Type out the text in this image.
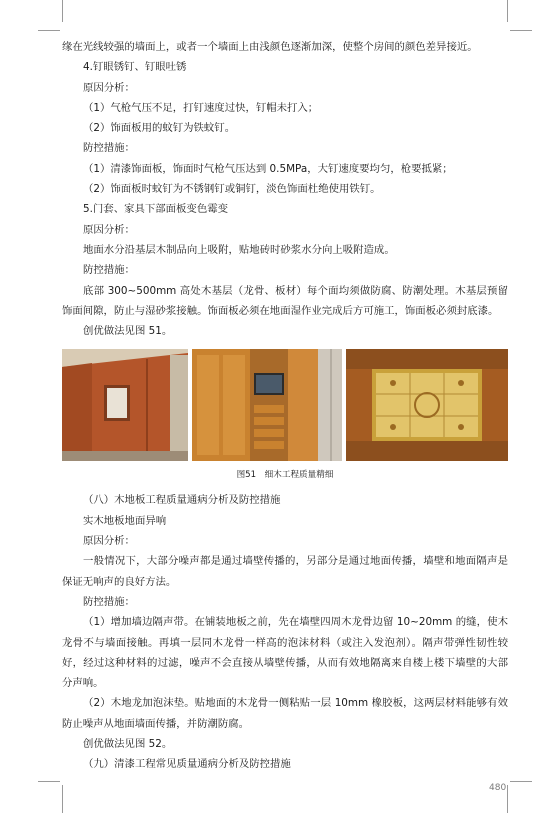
缘在光线较强的墙面上，或者一个墙面上由浅颜色逐渐加深，使整个房间的颜色差异接近。
4.钉眼锈钉、钉眼吐锈
原因分析：
（1）气枪气压不足，打钉速度过快，钉帽未打入；
（2）饰面板用的蚊钉为铁蚊钉。
防控措施：
（1）清漆饰面板，饰面时气枪气压达到 0.5MPa，大钉速度要均匀，枪要抵紧；
（2）饰面板时蚊钉为不锈钢钉或铜钉，淡色饰面杜绝使用铁钉。
5.门套、家具下部面板变色霉变
原因分析：
地面水分沿基层木制品向上吸附，贴地砖时砂浆水分向上吸附造成。
防控措施：
底部 300~500mm 高处木基层（龙骨、板材）每个面均须做防腐、防潮处理。木基层预留饰面间隙，防止与湿砂浆接触。饰面板必须在地面湿作业完成后方可施工，饰面板必须封底漆。
创优做法见图 51。
图51　细木工程质量精细
（八）木地板工程质量通病分析及防控措施
实木地板地面异响
原因分析：
一般情况下，大部分噪声都是通过墙壁传播的，另部分是通过地面传播，墙壁和地面隔声是保证无响声的良好方法。
防控措施：
（1）增加墙边隔声带。在铺装地板之前，先在墙壁四周木龙骨边留 10~20mm 的缝，使木龙骨不与墙面接触。再填一层同木龙骨一样高的泡沫材料（或注入发泡剂）。隔声带弹性韧性较好，经过这种材料的过滤，噪声不会直接从墙壁传播，从而有效地隔离来自楼上楼下墙壁的大部分声响。
（2）木地龙加泡沫垫。贴地面的木龙骨一侧粘贴一层 10mm 橡胶板，这两层材料能够有效防止噪声从地面墙面传播，并防潮防腐。
创优做法见图 52。
（九）清漆工程常见质量通病分析及防控措施
480
